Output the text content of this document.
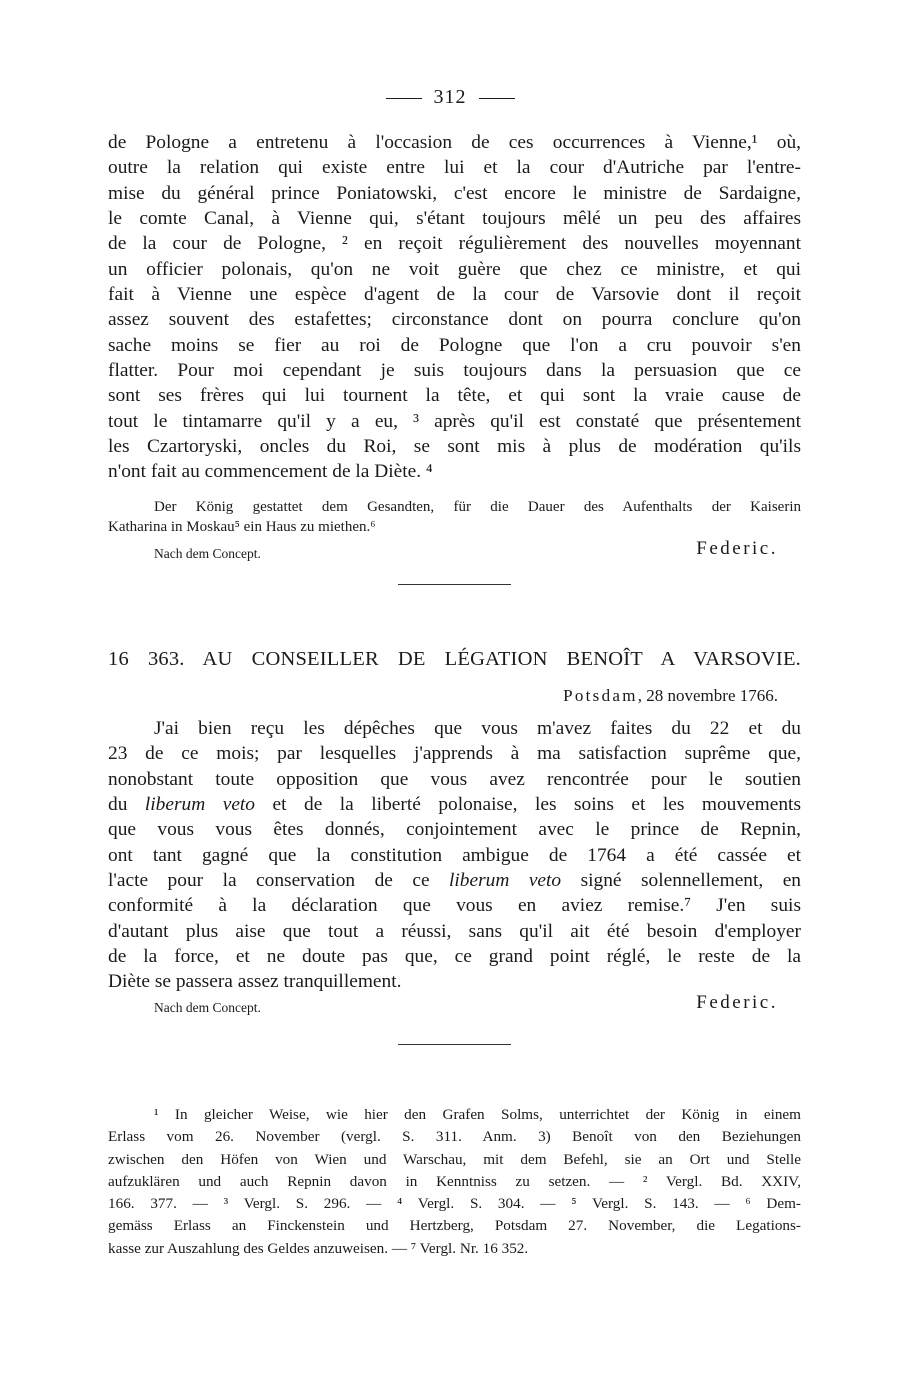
312
de Pologne a entretenu à l'occasion de ces occurrences à Vienne,¹ où,
outre la relation qui existe entre lui et la cour d'Autriche par l'entre-
mise du général prince Poniatowski, c'est encore le ministre de Sardaigne,
le comte Canal, à Vienne qui, s'étant toujours mêlé un peu des affaires
de la cour de Pologne, ² en reçoit régulièrement des nouvelles moyennant
un officier polonais, qu'on ne voit guère que chez ce ministre, et qui
fait à Vienne une espèce d'agent de la cour de Varsovie dont il reçoit
assez souvent des estafettes; circonstance dont on pourra conclure qu'on
sache moins se fier au roi de Pologne que l'on a cru pouvoir s'en
flatter. Pour moi cependant je suis toujours dans la persuasion que ce
sont ses frères qui lui tournent la tête, et qui sont la vraie cause de
tout le tintamarre qu'il y a eu, ³ après qu'il est constaté que présentement
les Czartoryski, oncles du Roi, se sont mis à plus de modération qu'ils
n'ont fait au commencement de la Diète. ⁴
Der König gestattet dem Gesandten, für die Dauer des Aufenthalts der Kaiserin
Katharina in Moskau⁵ ein Haus zu miethen.⁶
Nach dem Concept.	Federic.
16 363. AU CONSEILLER DE LÉGATION BENOÎT A VARSOVIE.
Potsdam, 28 novembre 1766.
J'ai bien reçu les dépêches que vous m'avez faites du 22 et du
23 de ce mois; par lesquelles j'apprends à ma satisfaction suprême que,
nonobstant toute opposition que vous avez rencontrée pour le soutien
du liberum veto et de la liberté polonaise, les soins et les mouvements
que vous vous êtes donnés, conjointement avec le prince de Repnin,
ont tant gagné que la constitution ambigue de 1764 a été cassée et
l'acte pour la conservation de ce liberum veto signé solennellement, en
conformité à la déclaration que vous en aviez remise.⁷ J'en suis
d'autant plus aise que tout a réussi, sans qu'il ait été besoin d'employer
de la force, et ne doute pas que, ce grand point réglé, le reste de la
Diète se passera assez tranquillement.
Nach dem Concept.	Federic.
¹ In gleicher Weise, wie hier den Grafen Solms, unterrichtet der König in einem
Erlass vom 26. November (vergl. S. 311. Anm. 3) Benoît von den Beziehungen
zwischen den Höfen von Wien und Warschau, mit dem Befehl, sie an Ort und Stelle
aufzuklären und auch Repnin davon in Kenntniss zu setzen. — ² Vergl. Bd. XXIV,
166. 377. — ³ Vergl. S. 296. — ⁴ Vergl. S. 304. — ⁵ Vergl. S. 143. — ⁶ Dem-
gemäss Erlass an Finckenstein und Hertzberg, Potsdam 27. November, die Legations-
kasse zur Auszahlung des Geldes anzuweisen. — ⁷ Vergl. Nr. 16 352.
